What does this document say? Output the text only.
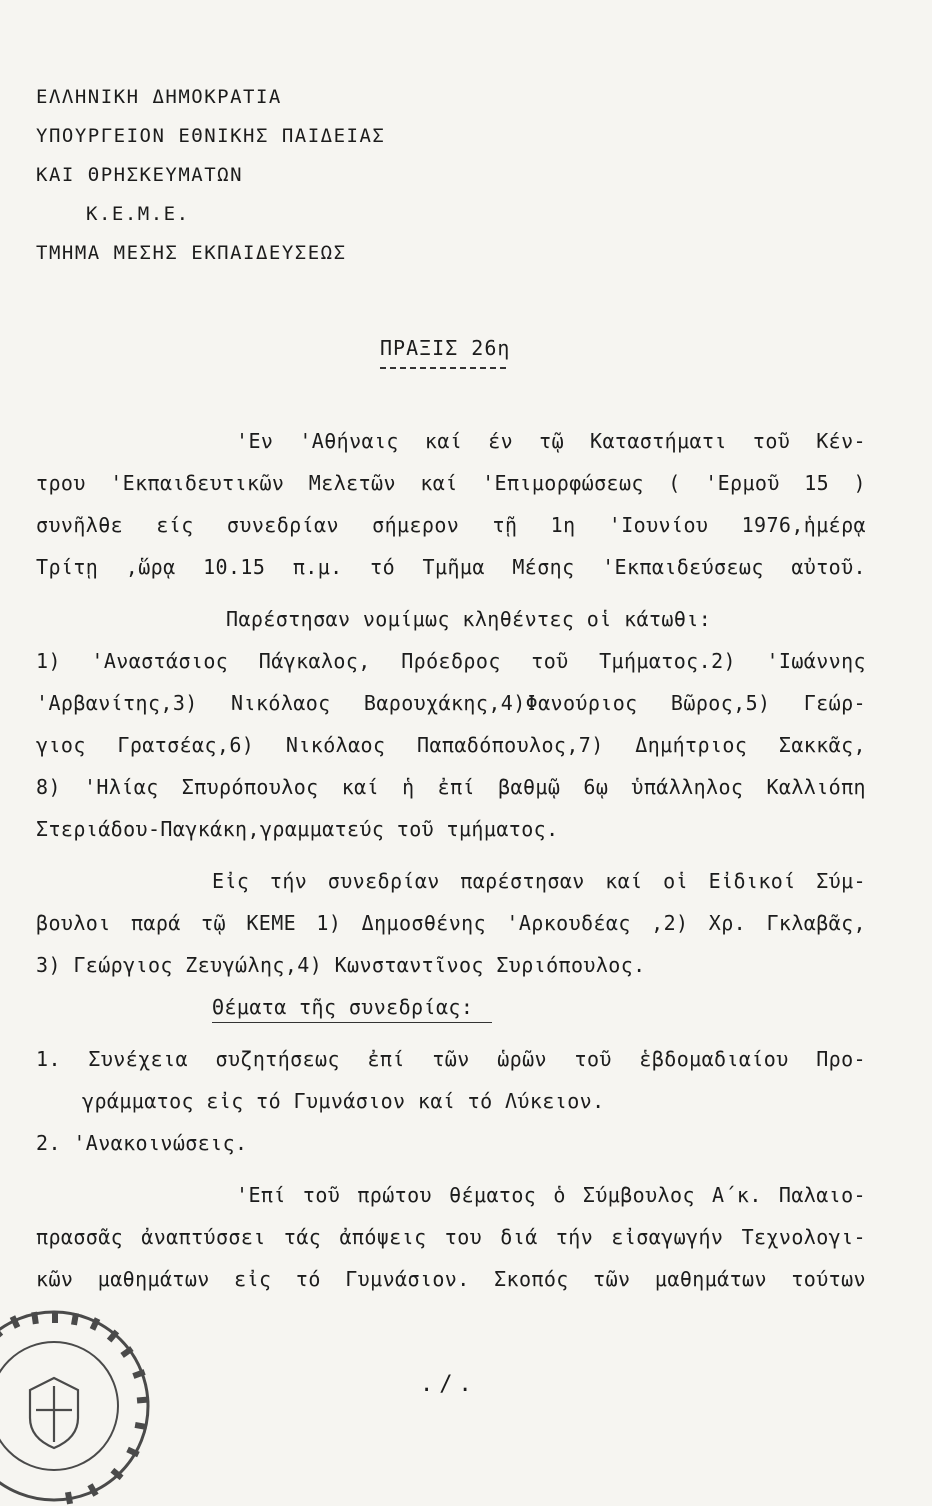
ΕΛΛΗΝΙΚΗ ΔΗΜΟΚΡΑΤΙΑ
ΥΠΟΥΡΓΕΙΟΝ ΕΘΝΙΚΗΣ ΠΑΙΔΕΙΑΣ
ΚΑΙ ΘΡΗΣΚΕΥΜΑΤΩΝ
Κ.Ε.Μ.Ε.
ΤΜΗΜΑ ΜΕΣΗΣ ΕΚΠΑΙΔΕΥΣΕΩΣ
ΠΡΑΞΙΣ 26η
'Εν 'Αθήναις καί έν τῷ Καταστήματι τοῦ Κέν-
τρου 'Εκπαιδευτικῶν Μελετῶν καί 'Επιμορφώσεως ( 'Ερμοῦ 15 )
συνῆλθε είς συνεδρίαν σήμερον τῇ 1η 'Ιουνίου 1976,ἡμέρᾳ
Τρίτῃ ,ὥρᾳ 10.15 π.μ. τό Τμῆμα Μέσης 'Εκπαιδεύσεως αὐτοῦ.
Παρέστησαν νομίμως κληθέντες οἱ κάτωθι:
1) 'Αναστάσιος Πάγκαλος, Πρόεδρος τοῦ Τμήματος.2) 'Ιωάννης
'Αρβανίτης,3) Νικόλαος Βαρουχάκης,4)Φανούριος Βῶρος,5) Γεώρ-
γιος Γρατσέας,6) Νικόλαος Παπαδόπουλος,7) Δημήτριος Σακκᾶς,
8) 'Ηλίας Σπυρόπουλος καί ἡ ἐπί βαθμῷ 6ῳ ὑπάλληλος Καλλιόπη
Στεριάδου-Παγκάκη,γραμματεύς τοῦ τμήματος.
Εἰς τήν συνεδρίαν παρέστησαν καί οἱ Εἰδικοί Σύμ-
βουλοι παρά τῷ ΚΕΜΕ 1) Δημοσθένης 'Αρκουδέας ,2) Χρ. Γκλαβᾶς,
3) Γεώργιος Ζευγώλης,4) Κωνσταντῖνος Συριόπουλος.
Θέματα τῆς συνεδρίας:
1. Συνέχεια συζητήσεως ἐπί τῶν ὡρῶν τοῦ ἑβδομαδιαίου Προ-
γράμματος εἰς τό Γυμνάσιον καί τό Λύκειον.
2. 'Ανακοινώσεις.
'Επί τοῦ πρώτου θέματος ὁ Σύμβουλος Α΄κ. Παλαιο-
πρασσᾶς ἀναπτύσσει τάς ἀπόψεις του διά τήν εἰσαγωγήν Τεχνολογι-
κῶν μαθημάτων εἰς τό Γυμνάσιον. Σκοπός τῶν μαθημάτων τούτων
./.
